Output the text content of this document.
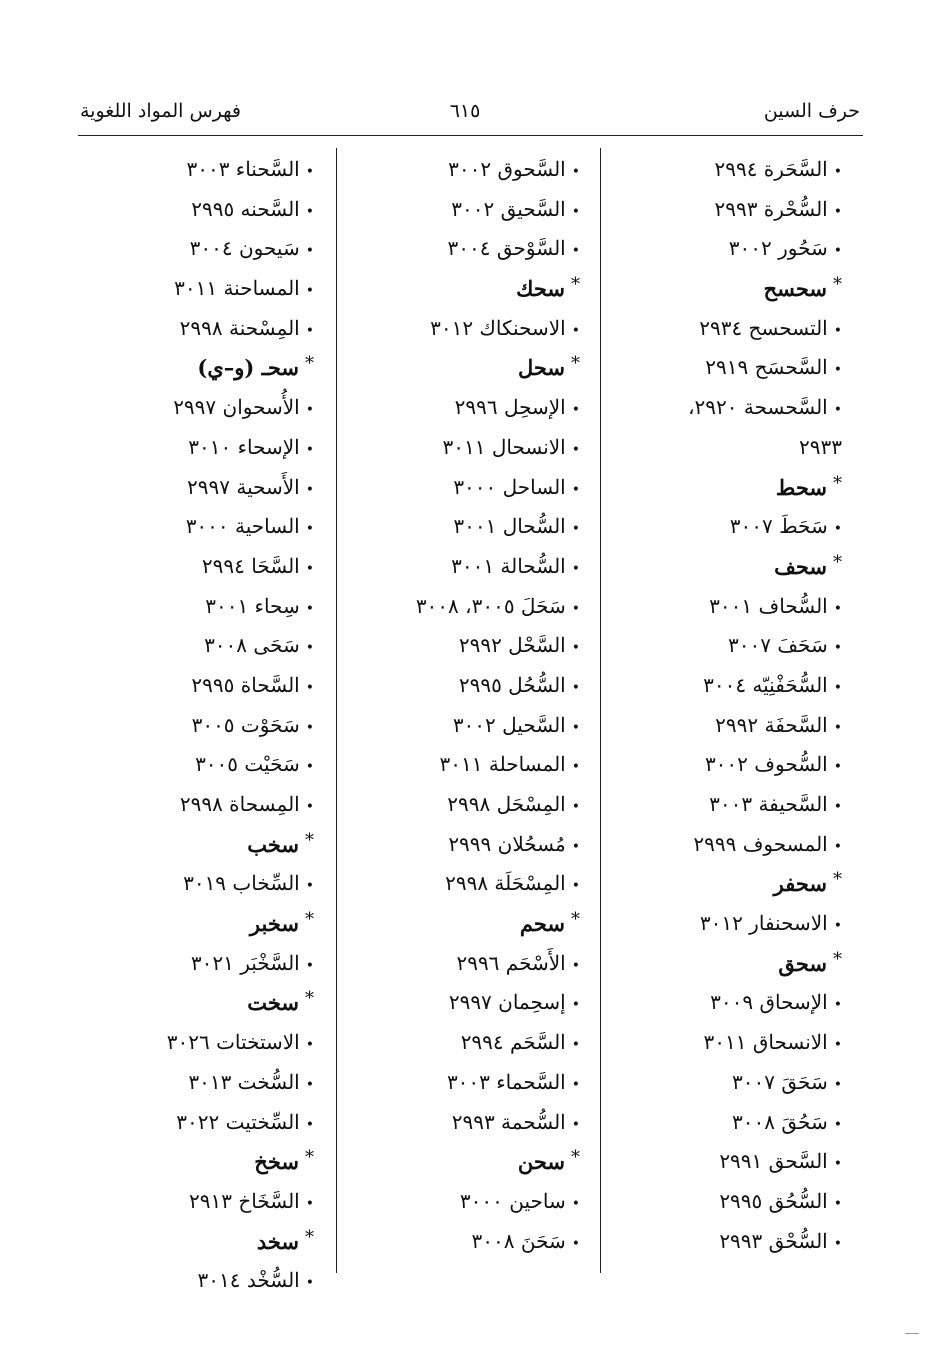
حرف السين
٦١٥
فهرس المواد اللغوية
•السَّحَرة ٢٩٩٤
•السُّحْرة ٢٩٩٣
•سَحُور ٣٠٠٢
*سحسح
•التسحسح ٢٩٣٤
•السَّحسَح ٢٩١٩
•السَّحسحة ٢٩٢٠،
٢٩٣٣
*سحط
•سَحَطَ ٣٠٠٧
*سحف
•السُّحاف ٣٠٠١
•سَحَفَ ٣٠٠٧
•السُّحَفْنِيّه ٣٠٠٤
•السَّحفَة ٢٩٩٢
•السُّحوف ٣٠٠٢
•السَّحيفة ٣٠٠٣
•المسحوف ٢٩٩٩
*سحفر
•الاسحنفار ٣٠١٢
*سحق
•الإسحاق ٣٠٠٩
•الانسحاق ٣٠١١
•سَحَقَ ٣٠٠٧
•سَحُقَ ٣٠٠٨
•السَّحق ٢٩٩١
•السُّحُق ٢٩٩٥
•السُّحْق ٢٩٩٣
•السَّحوق ٣٠٠٢
•السَّحيق ٣٠٠٢
•السَّوْحق ٣٠٠٤
*سحك
•الاسحنكاك ٣٠١٢
*سحل
•الإسحِل ٢٩٩٦
•الانسحال ٣٠١١
•الساحل ٣٠٠٠
•السُّحال ٣٠٠١
•السُّحالة ٣٠٠١
•سَحَلَ ٣٠٠٥، ٣٠٠٨
•السَّحْل ٢٩٩٢
•السُّحُل ٢٩٩٥
•السَّحيل ٣٠٠٢
•المساحلة ٣٠١١
•المِسْحَل ٢٩٩٨
•مُسحُلان ٢٩٩٩
•المِسْحَلَة ٢٩٩٨
*سحم
•الأَسْحَم ٢٩٩٦
•إسحِمان ٢٩٩٧
•السَّحَم ٢٩٩٤
•السَّحماء ٣٠٠٣
•السُّحمة ٢٩٩٣
*سحن
•ساحين ٣٠٠٠
•سَحَنَ ٣٠٠٨
•السَّحناء ٣٠٠٣
•السَّحنه ٢٩٩٥
•سَيحون ٣٠٠٤
•المساحنة ٣٠١١
•المِسْحنة ٢٩٩٨
*سحـ (و–ي)
•الأُسحوان ٢٩٩٧
•الإسحاء ٣٠١٠
•الأَسحية ٢٩٩٧
•الساحية ٣٠٠٠
•السَّحَا ٢٩٩٤
•سِحاء ٣٠٠١
•سَحَى ٣٠٠٨
•السَّحاة ٢٩٩٥
•سَحَوْت ٣٠٠٥
•سَحَيْت ٣٠٠٥
•المِسحاة ٢٩٩٨
*سخب
•السِّخاب ٣٠١٩
*سخبر
•السَّخْبَر ٣٠٢١
*سخت
•الاستختات ٣٠٢٦
•السُّخت ٣٠١٣
•السِّختيت ٣٠٢٢
*سخخ
•السَّخَاخ ٢٩١٣
*سخد
•السُّخْد ٣٠١٤
